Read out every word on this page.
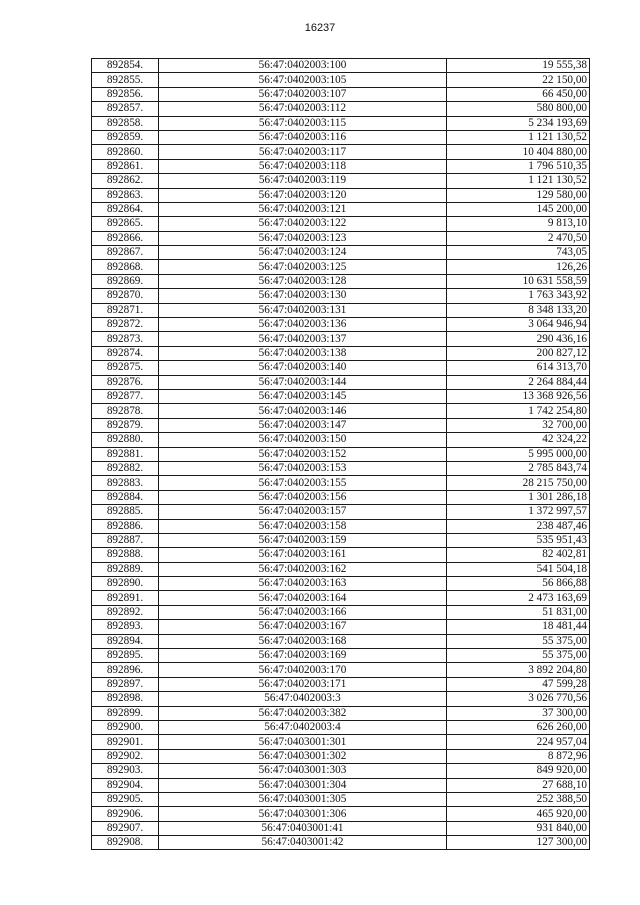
16237
892854.	56:47:0402003:100	19 555,38
892855.	56:47:0402003:105	22 150,00
892856.	56:47:0402003:107	66 450,00
892857.	56:47:0402003:112	580 800,00
892858.	56:47:0402003:115	5 234 193,69
892859.	56:47:0402003:116	1 121 130,52
892860.	56:47:0402003:117	10 404 880,00
892861.	56:47:0402003:118	1 796 510,35
892862.	56:47:0402003:119	1 121 130,52
892863.	56:47:0402003:120	129 580,00
892864.	56:47:0402003:121	145 200,00
892865.	56:47:0402003:122	9 813,10
892866.	56:47:0402003:123	2 470,50
892867.	56:47:0402003:124	743,05
892868.	56:47:0402003:125	126,26
892869.	56:47:0402003:128	10 631 558,59
892870.	56:47:0402003:130	1 763 343,92
892871.	56:47:0402003:131	8 348 133,20
892872.	56:47:0402003:136	3 064 946,94
892873.	56:47:0402003:137	290 436,16
892874.	56:47:0402003:138	200 827,12
892875.	56:47:0402003:140	614 313,70
892876.	56:47:0402003:144	2 264 884,44
892877.	56:47:0402003:145	13 368 926,56
892878.	56:47:0402003:146	1 742 254,80
892879.	56:47:0402003:147	32 700,00
892880.	56:47:0402003:150	42 324,22
892881.	56:47:0402003:152	5 995 000,00
892882.	56:47:0402003:153	2 785 843,74
892883.	56:47:0402003:155	28 215 750,00
892884.	56:47:0402003:156	1 301 286,18
892885.	56:47:0402003:157	1 372 997,57
892886.	56:47:0402003:158	238 487,46
892887.	56:47:0402003:159	535 951,43
892888.	56:47:0402003:161	82 402,81
892889.	56:47:0402003:162	541 504,18
892890.	56:47:0402003:163	56 866,88
892891.	56:47:0402003:164	2 473 163,69
892892.	56:47:0402003:166	51 831,00
892893.	56:47:0402003:167	18 481,44
892894.	56:47:0402003:168	55 375,00
892895.	56:47:0402003:169	55 375,00
892896.	56:47:0402003:170	3 892 204,80
892897.	56:47:0402003:171	47 599,28
892898.	56:47:0402003:3	3 026 770,56
892899.	56:47:0402003:382	37 300,00
892900.	56:47:0402003:4	626 260,00
892901.	56:47:0403001:301	224 957,04
892902.	56:47:0403001:302	8 872,96
892903.	56:47:0403001:303	849 920,00
892904.	56:47:0403001:304	27 688,10
892905.	56:47:0403001:305	252 388,50
892906.	56:47:0403001:306	465 920,00
892907.	56:47:0403001:41	931 840,00
892908.	56:47:0403001:42	127 300,00
